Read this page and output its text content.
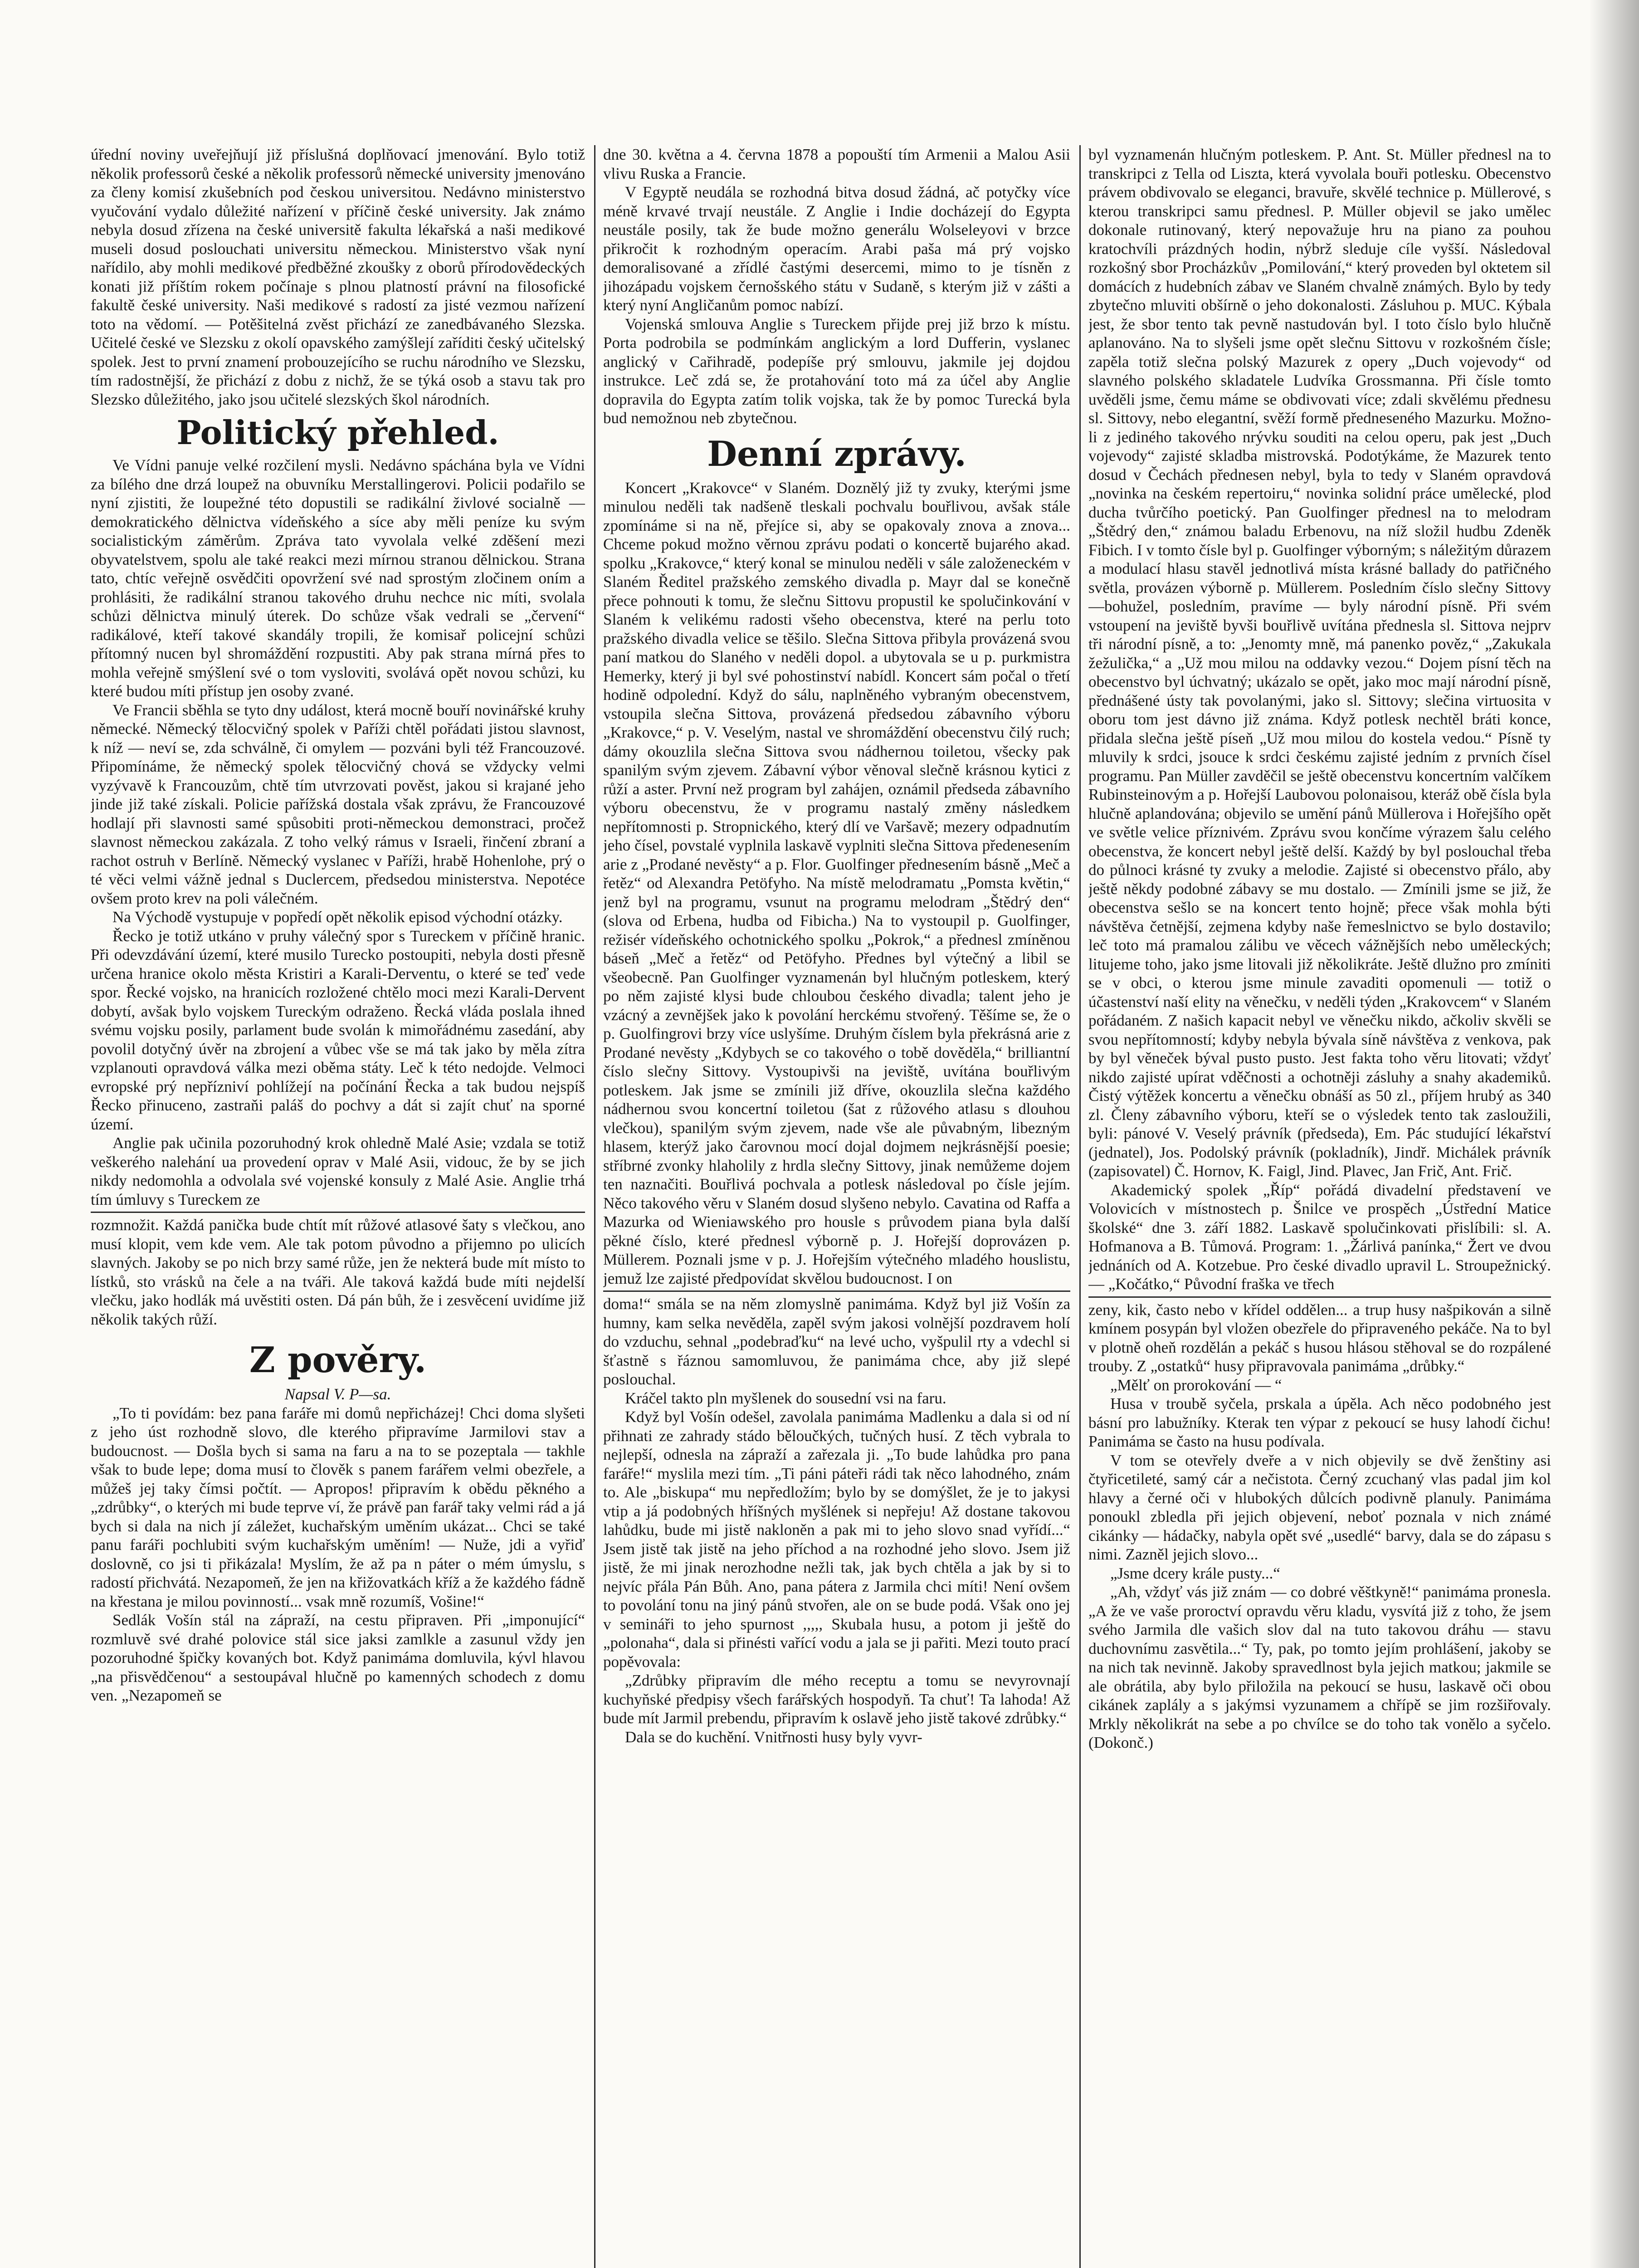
úřední noviny uveřejňují již příslušná doplňovací jmenování. Bylo totiž několik professorů české a několik professorů německé university jmenováno za členy komisí zkušebních pod českou universitou. Nedávno ministerstvo vyučování vydalo důležité nařízení v příčině české university. Jak známo nebyla dosud zřízena na české universitě fakulta lékařská a naši medikové museli dosud poslouchati universitu německou. Ministerstvo však nyní nařídilo, aby mohli medikové předběžné zkoušky z oborů přírodovědeckých konati již příštím rokem počínaje s plnou platností právní na filosofické fakultě české university. Naši medikové s radostí za jisté vezmou nařízení toto na vědomí. — Potěšitelná zvěst přichází ze zanedbávaného Slezska. Učitelé české ve Slezsku z okolí opavského zamýšlejí zaříditi český učitelský spolek. Jest to první znamení probouzejícího se ruchu národního ve Slezsku, tím radostnější, že přichází z dobu z nichž, že se týká osob a stavu tak pro Slezsko důležitého, jako jsou učitelé slezských škol národních.

Politický přehled.

Ve Vídni panuje velké rozčilení mysli. Nedávno spáchána byla ve Vídni za bílého dne drzá loupež na obuvníku Merstallingerovi. Policii podařilo se nyní zjistiti, že loupežné této dopustili se radikální živlové socialně — demokratického dělnictva vídeňského a síce aby měli peníze ku svým socialistickým záměrům. Zpráva tato vyvolala velké zděšení mezi obyvatelstvem, spolu ale také reakci mezi mírnou stranou dělnickou. Strana tato, chtíc veřejně osvědčiti opovržení své nad sprostým zločinem oním a prohlásiti, že radikální stranou takového druhu nechce nic míti, svolala schůzi dělnictva minulý úterek. Do schůze však vedrali se „červení“ radikálové, kteří takové skandály tropili, že komisař policejní schůzi přítomný nucen byl shromáždění rozpustiti. Aby pak strana mírná přes to mohla veřejně smýšlení své o tom vysloviti, svolává opět novou schůzi, ku které budou míti přístup jen osoby zvané.

Ve Francii sběhla se tyto dny událost, která mocně bouří novinářské kruhy německé. Německý tělocvičný spolek v Paříži chtěl pořádati jistou slavnost, k níž — neví se, zda schválně, či omylem — pozváni byli též Francouzové. Připomínáme, že německý spolek tělocvičný chová se vždycky velmi vyzývavě k Francouzům, chtě tím utvrzovati pověst, jakou si krajané jeho jinde již také získali. Policie pařížská dostala však zprávu, že Francouzové hodlají při slavnosti samé spůsobiti proti-německou demonstraci, pročež slavnost německou zakázala. Z toho velký rámus v Israeli, řinčení zbraní a rachot ostruh v Berlíně. Německý vyslanec v Paříži, hrabě Hohenlohe, prý o té věci velmi vážně jednal s Duclercem, předsedou ministerstva. Nepotéce ovšem proto krev na poli válečném.

Na Východě vystupuje v popředí opět několik episod východní otázky.

Řecko je totiž utkáno v pruhy válečný spor s Tureckem v příčině hranic. Při odevzdávání území, které musilo Turecko postoupiti, nebyla dosti přesně určena hranice okolo města Kristiri a Karali-Derventu, o které se teď vede spor. Řecké vojsko, na hranicích rozložené chtělo moci mezi Karali-Dervent dobytí, avšak bylo vojskem Tureckým odraženo. Řecká vláda poslala ihned svému vojsku posily, parlament bude svolán k mimořádnému zasedání, aby povolil dotyčný úvěr na zbrojení a vůbec vše se má tak jako by měla zítra vzplanouti opravdová válka mezi oběma státy. Leč k této nedojde. Velmoci evropské prý nepřízniví pohlížejí na počínání Řecka a tak budou nejspíš Řecko přinuceno, zastraňi paláš do pochvy a dát si zajít chuť na sporné území.

Anglie pak učinila pozoruhodný krok ohledně Malé Asie; vzdala se totiž veškerého nalehání ua provedení oprav v Malé Asii, vidouc, že by se jich nikdy nedomohla a odvolala své vojenské konsuly z Malé Asie. Anglie trhá tím úmluvy s Tureckem ze

rozmnožit. Každá panička bude chtít mít růžové atlasové šaty s vlečkou, ano musí klopit, vem kde vem. Ale tak potom původno a přijemno po ulicích slavných. Jakoby se po nich brzy samé růže, jen že nekterá bude mít místo to lístků, sto vrásků na čele a na tváři. Ale taková každá bude míti nejdelší vlečku, jako hodlák má uvěstiti osten. Dá pán bůh, že i zesvěcení uvidíme již několik takých růží.

Z pověry.

Napsal V. P—sa.

„To ti povídám: bez pana faráře mi domů nepřicházej! Chci doma slyšeti z jeho úst rozhodně slovo, dle kterého připravíme Jarmilovi stav a budoucnost. — Došla bych si sama na faru a na to se pozeptala — takhle však to bude lepe; doma musí to člověk s panem farářem velmi obezřele, a můžeš jej taky čímsi počtít. — Apropos! připravím k obědu pěkného a „zdrůbky“, o kterých mi bude teprve ví, že právě pan farář taky velmi rád a já bych si dala na nich jí záležet, kuchařským uměním ukázat... Chci se také panu faráři pochlubiti svým kuchařským uměním! — Nuže, jdi a vyřiď doslovně, co jsi ti přikázala! Myslím, že až pa n páter o mém úmyslu, s radostí přichvátá. Nezapomeň, že jen na křižovatkách kříž a že každého fádně na křestana je milou povinností... vsak mně rozumíš, Vošine!“

Sedlák Vošín stál na zápraží, na cestu připraven. Při „imponující“ rozmluvě své drahé polovice stál sice jaksi zamlkle a zasunul vždy jen pozoruhodné špičky kovaných bot. Když panimáma domluvila, kývl hlavou „na přisvědčenou“ a sestoupával hlučně po kamenných schodech z domu ven. „Nezapomeň se

dne 30. května a 4. června 1878 a popouští tím Armenii a Malou Asii vlivu Ruska a Francie.

V Egyptě neudála se rozhodná bitva dosud žádná, ač potyčky více méně krvavé trvají neustále. Z Anglie i Indie docházejí do Egypta neustále posily, tak že bude možno generálu Wolseleyovi v brzce přikročit k rozhodným operacím. Arabi paša má prý vojsko demoralisované a zřídlé častými desercemi, mimo to je tísněn z jihozápadu vojskem černošského státu v Sudaně, s kterým již v zášti a který nyní Angličanům pomoc nabízí.

Vojenská smlouva Anglie s Tureckem přijde prej již brzo k místu. Porta podrobila se podmínkám anglickým a lord Dufferin, vyslanec anglický v Cařihradě, podepíše prý smlouvu, jakmile jej dojdou instrukce. Leč zdá se, že protahování toto má za účel aby Anglie dopravila do Egypta zatím tolik vojska, tak že by pomoc Turecká byla bud nemožnou neb zbytečnou.

Denní zprávy.

Koncert „Krakovce“ v Slaném. Doznělý již ty zvuky, kterými jsme minulou neděli tak nadšeně tleskali pochvalu bouřlivou, avšak stále zpomínáme si na ně, přejíce si, aby se opakovaly znova a znova... Chceme pokud možno věrnou zprávu podati o koncertě bujarého akad. spolku „Krakovce,“ který konal se minulou neděli v sále založeneckém v Slaném Ředitel pražského zemského divadla p. Mayr dal se konečně přece pohnouti k tomu, že slečnu Sittovu propustil ke spolučinkování v Slaném k velikému radosti všeho obecenstva, které na perlu toto pražského divadla velice se těšilo. Slečna Sittova přibyla provázená svou paní matkou do Slaného v neděli dopol. a ubytovala se u p. purkmistra Hemerky, který ji byl své pohostinství nabídl. Koncert sám počal o třetí hodině odpolední. Když do sálu, naplněného vybraným obecenstvem, vstoupila slečna Sittova, provázená předsedou zábavního výboru „Krakovce,“ p. V. Veselým, nastal ve shromáždění obecenstvu čilý ruch; dámy okouzlila slečna Sittova svou nádhernou toiletou, všecky pak spanilým svým zjevem. Zábavní výbor věnoval slečně krásnou kytici z růží a aster. První než program byl zahájen, oznámil předseda zábavního výboru obecenstvu, že v programu nastalý změny následkem nepřítomnosti p. Stropnického, který dlí ve Varšavě; mezery odpadnutím jeho čísel, povstalé vyplnila laskavě vyplniti slečna Sittova předenesením arie z „Prodané nevěsty“ a p. Flor. Guolfinger přednesením básně „Meč a řetěz“ od Alexandra Petöfyho. Na místě melodramatu „Pomsta květin,“ jenž byl na programu, vsunut na programu melodram „Štědrý den“ (slova od Erbena, hudba od Fibicha.) Na to vystoupil p. Guolfinger, režisér vídeňského ochotnického spolku „Pokrok,“ a přednesl zmíněnou báseň „Meč a řetěz“ od Petöfyho. Přednes byl výtečný a libil se všeobecně. Pan Guolfinger vyznamenán byl hlučným potleskem, který po něm zajisté klysi bude chloubou českého divadla; talent jeho je vzácný a zevnějšek jako k povolání herckému stvořený. Těšíme se, že o p. Guolfingrovi brzy více uslyšíme. Druhým číslem byla překrásná arie z Prodané nevěsty „Kdybych se co takového o tobě dověděla,“ brilliantní číslo slečny Sittovy. Vystoupivši na jeviště, uvítána bouřlivým potleskem. Jak jsme se zmínili již dříve, okouzlila slečna každého nádhernou svou koncertní toiletou (šat z růžového atlasu s dlouhou vlečkou), spanilým svým zjevem, nade vše ale půvabným, libezným hlasem, kterýž jako čarovnou mocí dojal dojmem nejkrásnější poesie; stříbrné zvonky hlaholily z hrdla slečny Sittovy, jinak nemůžeme dojem ten naznačiti. Bouřlivá pochvala a potlesk následoval po čísle jejím. Něco takového věru v Slaném dosud slyšeno nebylo. Cavatina od Raffa a Mazurka od Wieniawského pro housle s průvodem piana byla další pěkné číslo, které přednesl výborně p. J. Hořejší doprovázen p. Müllerem. Poznali jsme v p. J. Hořejším výtečného mladého houslistu, jemuž lze zajisté předpovídat skvělou budoucnost. I on

doma!“ smála se na něm zlomyslně panimáma. Když byl již Vošín za humny, kam selka nevěděla, zapěl svým jakosi volnější pozdravem holí do vzduchu, sehnal „podebraďku“ na levé ucho, vyšpulil rty a vdechl si šťastně s řáznou samomluvou, že panimáma chce, aby již slepé poslouchal.

Kráčel takto pln myšlenek do sousední vsi na faru.

Když byl Vošín odešel, zavolala panimáma Madlenku a dala si od ní přihnati ze zahrady stádo běloučkých, tučných husí. Z těch vybrala to nejlepší, odnesla na zápraží a zařezala ji. „To bude lahůdka pro pana faráře!“ myslila mezi tím. „Ti páni páteři rádi tak něco lahodného, znám to. Ale „biskupa“ mu nepředložím; bylo by se domýšlet, že je to jakysi vtip a já podobných hříšných myšlének si nepřeju! Až dostane takovou lahůdku, bude mi jistě nakloněn a pak mi to jeho slovo snad vyřídí...“ Jsem jistě tak jistě na jeho příchod a na rozhodné jeho slovo. Jsem již jistě, že mi jinak nerozhodne nežli tak, jak bych chtěla a jak by si to nejvíc přála Pán Bůh. Ano, pana pátera z Jarmila chci míti! Není ovšem to povolání tonu na jiný pánů stvořen, ale on se bude podá. Však ono jej v semináři to jeho spurnost ,,,,, Skubala husu, a potom ji ještě do „polonaha“, dala si přinésti vařící vodu a jala se ji pařiti. Mezi touto prací popěvovala:

„Zdrůbky připravím dle mého receptu a tomu se nevyrovnají kuchyňské předpisy všech farářských hospodyň. Ta chuť! Ta lahoda! Až bude mít Jarmil prebendu, připravím k oslavě jeho jistě takové zdrůbky.“

Dala se do kuchění. Vnitřnosti husy byly vyvr-

byl vyznamenán hlučným potleskem. P. Ant. St. Müller přednesl na to transkripci z Tella od Liszta, která vyvolala bouři potlesku. Obecenstvo právem obdivovalo se eleganci, bravuře, skvělé technice p. Müllerové, s kterou transkripci samu přednesl. P. Müller objevil se jako umělec dokonale rutinovaný, který nepovažuje hru na piano za pouhou kratochvíli prázdných hodin, nýbrž sleduje cíle vyšší. Následoval rozkošný sbor Procházkův „Pomilování,“ který proveden byl oktetem sil domácích z hudebních zábav ve Slaném chvalně známých. Bylo by tedy zbytečno mluviti obšírně o jeho dokonalosti. Zásluhou p. MUC. Kýbala jest, že sbor tento tak pevně nastudován byl. I toto číslo bylo hlučně aplanováno. Na to slyšeli jsme opět slečnu Sittovu v rozkošném čísle; zapěla totiž slečna polský Mazurek z opery „Duch vojevody“ od slavného polského skladatele Ludvíka Grossmanna. Při čísle tomto uvěděli jsme, čemu máme se obdivovati více; zdali skvělému přednesu sl. Sittovy, nebo elegantní, svěží formě předneseného Mazurku. Možno-li z jediného takového nrývku souditi na celou operu, pak jest „Duch vojevody“ zajisté skladba mistrovská. Podotýkáme, že Mazurek tento dosud v Čechách přednesen nebyl, byla to tedy v Slaném opravdová „novinka na českém repertoiru,“ novinka solidní práce umělecké, plod ducha tvůrčího poetický. Pan Guolfinger přednesl na to melodram „Štědrý den,“ známou baladu Erbenovu, na níž složil hudbu Zdeněk Fibich. I v tomto čísle byl p. Guolfinger výborným; s náležitým důrazem a modulací hlasu stavěl jednotlivá místa krásné ballady do patřičného světla, provázen výborně p. Müllerem. Posledním číslo slečny Sittovy —bohužel, posledním, pravíme — byly národní písně. Při svém vstoupení na jeviště byvši bouřlivě uvítána přednesla sl. Sittova nejprv tři národní písně, a to: „Jenomty mně, má panenko pověz,“ „Zakukala žežulička,“ a „Už mou milou na oddavky vezou.“ Dojem písní těch na obecenstvo byl úchvatný; ukázalo se opět, jako moc mají národní písně, přednášené ústy tak povolanými, jako sl. Sittovy; slečina virtuosita v oboru tom jest dávno již známa. Když potlesk nechtěl bráti konce, přidala slečna ještě píseň „Už mou milou do kostela vedou.“ Písně ty mluvily k srdci, jsouce k srdci českému zajisté jedním z prvních čísel programu. Pan Müller zavděčil se ještě obecenstvu koncertním valčíkem Rubinsteinovým a p. Hořejší Laubovou polonaisou, kteráž obě čísla byla hlučně aplandována; objevilo se umění pánů Müllerova i Hořejšího opět ve světle velice příznivém. Zprávu svou končíme výrazem šalu celého obecenstva, že koncert nebyl ještě delší. Každý by byl poslouchal třeba do půlnoci krásné ty zvuky a melodie. Zajisté si obecenstvo přálo, aby ještě někdy podobné zábavy se mu dostalo. — Zmínili jsme se již, že obecenstva sešlo se na koncert tento hojně; přece však mohla býti návštěva četnější, zejmena kdyby naše řemeslnictvo se bylo dostavilo; leč toto má pramalou zálibu ve věcech vážnějších nebo uměleckých; litujeme toho, jako jsme litovali již několikráte. Ještě dlužno pro zmíniti se v obci, o kterou jsme minule zavaditi opomenuli — totiž o účastenství naší elity na věnečku, v neděli týden „Krakovcem“ v Slaném pořádaném. Z našich kapacit nebyl ve věnečku nikdo, ačkoliv skvěli se svou nepřítomností; kdyby nebyla bývala síně návštěva z venkova, pak by byl věneček býval pusto pusto. Jest fakta toho věru litovati; vždyť nikdo zajisté upírat vděčnosti a ochotněji zásluhy a snahy akademiků. Čistý výtěžek koncertu a věnečku obnáší as 50 zl., příjem hrubý as 340 zl. Členy zábavního výboru, kteří se o výsledek tento tak zasloužili, byli: pánové V. Veselý právník (předseda), Em. Pác studující lékařství (jednatel), Jos. Podolský právník (pokladník), Jindř. Michálek právník (zapisovatel) Č. Hornov, K. Faigl, Jind. Plavec, Jan Frič, Ant. Frič.

Akademický spolek „Říp“ pořádá divadelní představení ve Volovicích v místnostech p. Šnilce ve prospěch „Ústřední Matice školské“ dne 3. září 1882. Laskavě spolučinkovati přislíbili: sl. A. Hofmanova a B. Tůmová. Program: 1. „Žárlivá panínka,“ Žert ve dvou jednáních od A. Kotzebue. Pro české divadlo upravil L. Stroupežnický. — „Kočátko,“ Původní fraška ve třech

zeny, kik, často nebo v křídel oddělen... a trup husy našpikován a silně kmínem posypán byl vložen obezřele do připraveného pekáče. Na to byl v plotně oheň rozdělán a pekáč s husou hlásou stěhoval se do rozpálené trouby. Z „ostatků“ husy připravovala panimáma „drůbky.“

„Mělť on prorokování — “

Husa v troubě syčela, prskala a úpěla. Ach něco podobného jest básní pro labužníky. Kterak ten výpar z pekoucí se husy lahodí čichu! Panimáma se často na husu podívala.

V tom se otevřely dveře a v nich objevily se dvě ženštiny asi čtyřicetileté, samý cár a nečistota. Černý zcuchaný vlas padal jim kol hlavy a černé oči v hlubokých důlcích podivně planuly. Panimáma ponoukl zbledla při jejich objevení, neboť poznala v nich známé cikánky — hádačky, nabyla opět své „usedlé“ barvy, dala se do zápasu s nimi. Zazněl jejich slovo...

„Jsme dcery krále pusty...“

„Ah, vždyť vás již znám — co dobré věštkyně!“ panimáma pronesla. „A že ve vaše proroctví opravdu věru kladu, vysvítá již z toho, že jsem svého Jarmila dle vašich slov dal na tuto takovou dráhu — stavu duchovnímu zasvětila...“ Ty, pak, po tomto jejím prohlášení, jakoby se na nich tak nevinně. Jakoby spravedlnost byla jejich matkou; jakmile se ale obrátila, aby bylo přiložila na pekoucí se husu, laskavě oči obou cikánek zaplály a s jakýmsi vyzunamem a chřípě se jim rozšiřovaly. Mrkly několikrát na sebe a po chvílce se do toho tak vonělo a syčelo. (Dokonč.)
